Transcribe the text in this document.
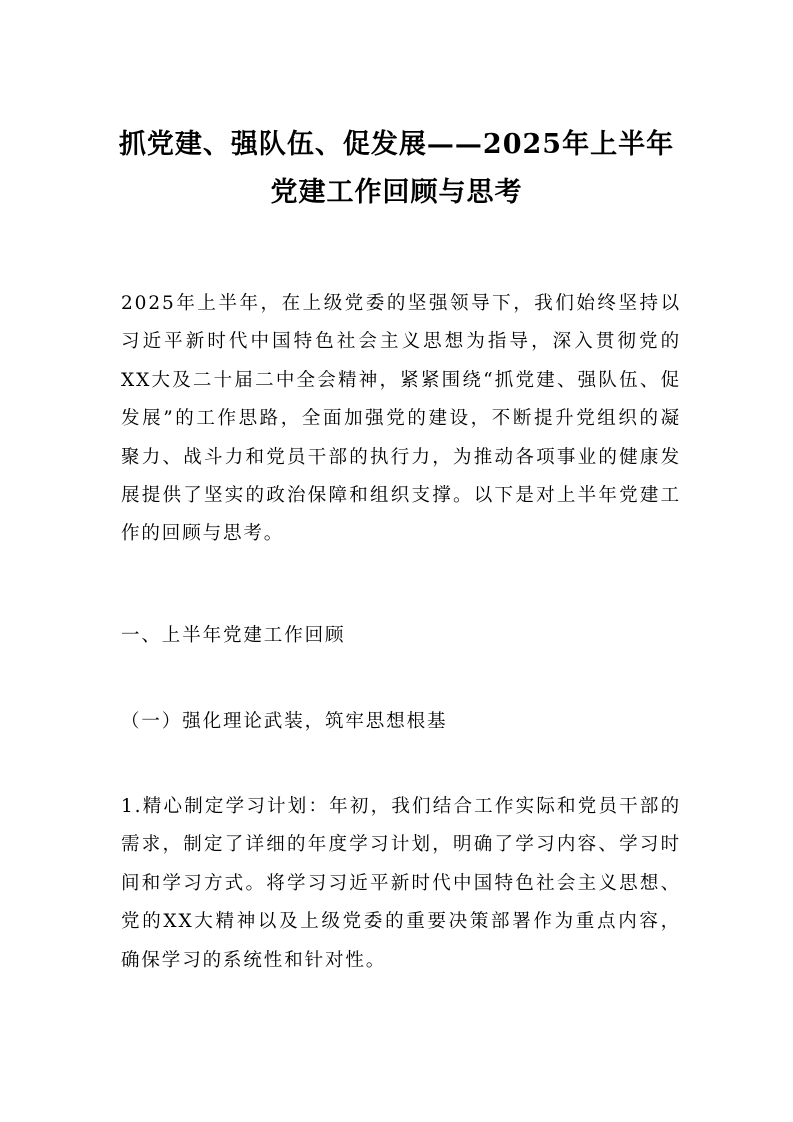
抓党建、强队伍、促发展——2025年上半年
党建工作回顾与思考

2025年上半年，在上级党委的坚强领导下，我们始终坚持以习近平新时代中国特色社会主义思想为指导，深入贯彻党的XX大及二十届二中全会精神，紧紧围绕“抓党建、强队伍、促发展”的工作思路，全面加强党的建设，不断提升党组织的凝聚力、战斗力和党员干部的执行力，为推动各项事业的健康发展提供了坚实的政治保障和组织支撑。以下是对上半年党建工作的回顾与思考。

一、上半年党建工作回顾

（一）强化理论武装，筑牢思想根基

1.精心制定学习计划：年初，我们结合工作实际和党员干部的需求，制定了详细的年度学习计划，明确了学习内容、学习时间和学习方式。将学习习近平新时代中国特色社会主义思想、党的XX大精神以及上级党委的重要决策部署作为重点内容，确保学习的系统性和针对性。
